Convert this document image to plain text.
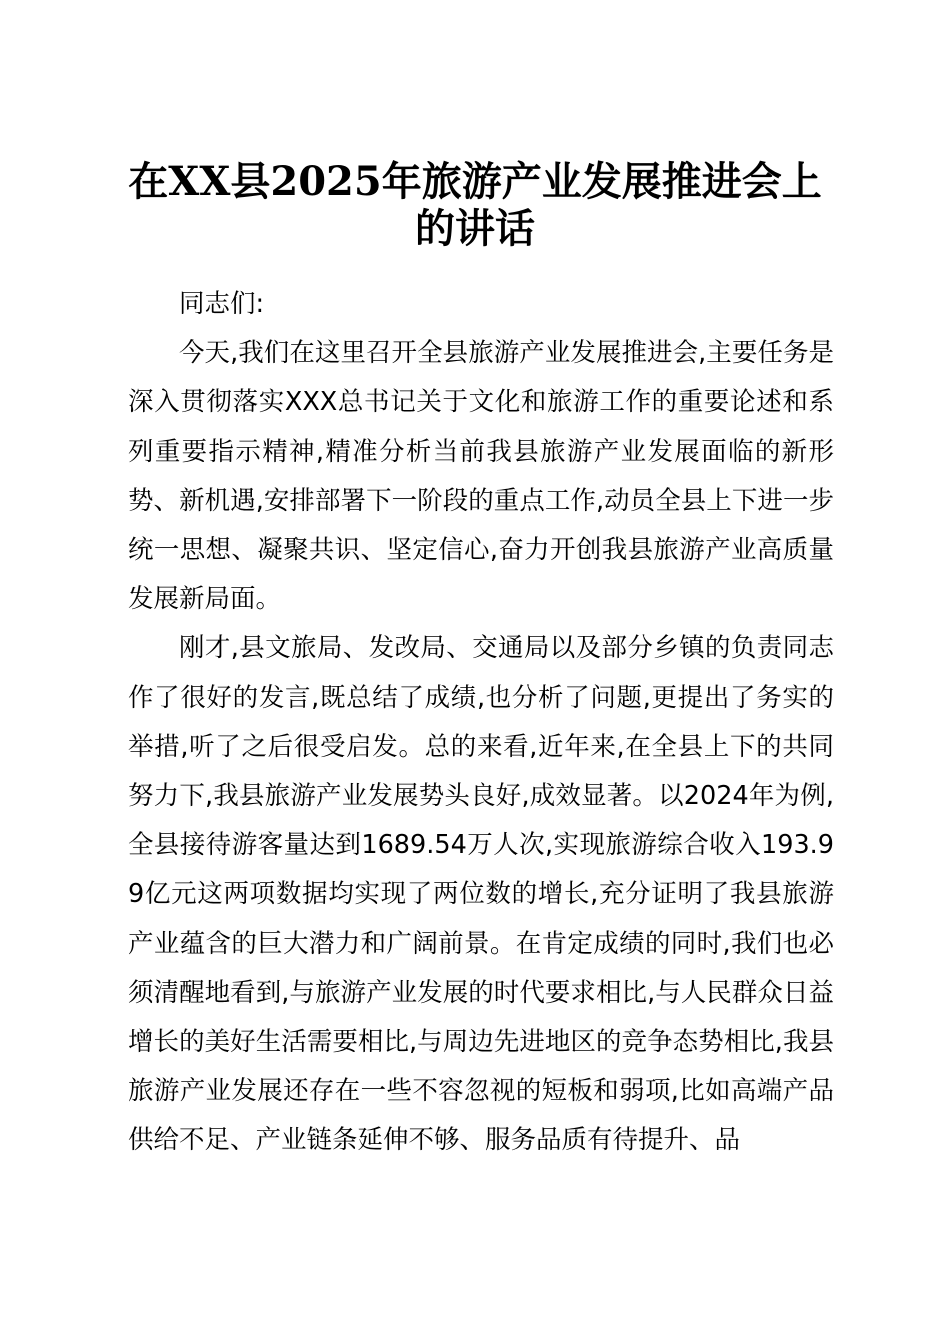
在XX县2025年旅游产业发展推进会上的讲话

同志们:

今天,我们在这里召开全县旅游产业发展推进会,主要任务是深入贯彻落实XXX总书记关于文化和旅游工作的重要论述和系列重要指示精神,精准分析当前我县旅游产业发展面临的新形势、新机遇,安排部署下一阶段的重点工作,动员全县上下进一步统一思想、凝聚共识、坚定信心,奋力开创我县旅游产业高质量发展新局面。

刚才,县文旅局、发改局、交通局以及部分乡镇的负责同志作了很好的发言,既总结了成绩,也分析了问题,更提出了务实的举措,听了之后很受启发。总的来看,近年来,在全县上下的共同努力下,我县旅游产业发展势头良好,成效显著。以2024年为例,全县接待游客量达到1689.54万人次,实现旅游综合收入193.99亿元这两项数据均实现了两位数的增长,充分证明了我县旅游产业蕴含的巨大潜力和广阔前景。在肯定成绩的同时,我们也必须清醒地看到,与旅游产业发展的时代要求相比,与人民群众日益增长的美好生活需要相比,与周边先进地区的竞争态势相比,我县旅游产业发展还存在一些不容忽视的短板和弱项,比如高端产品供给不足、产业链条延伸不够、服务品质有待提升、品
